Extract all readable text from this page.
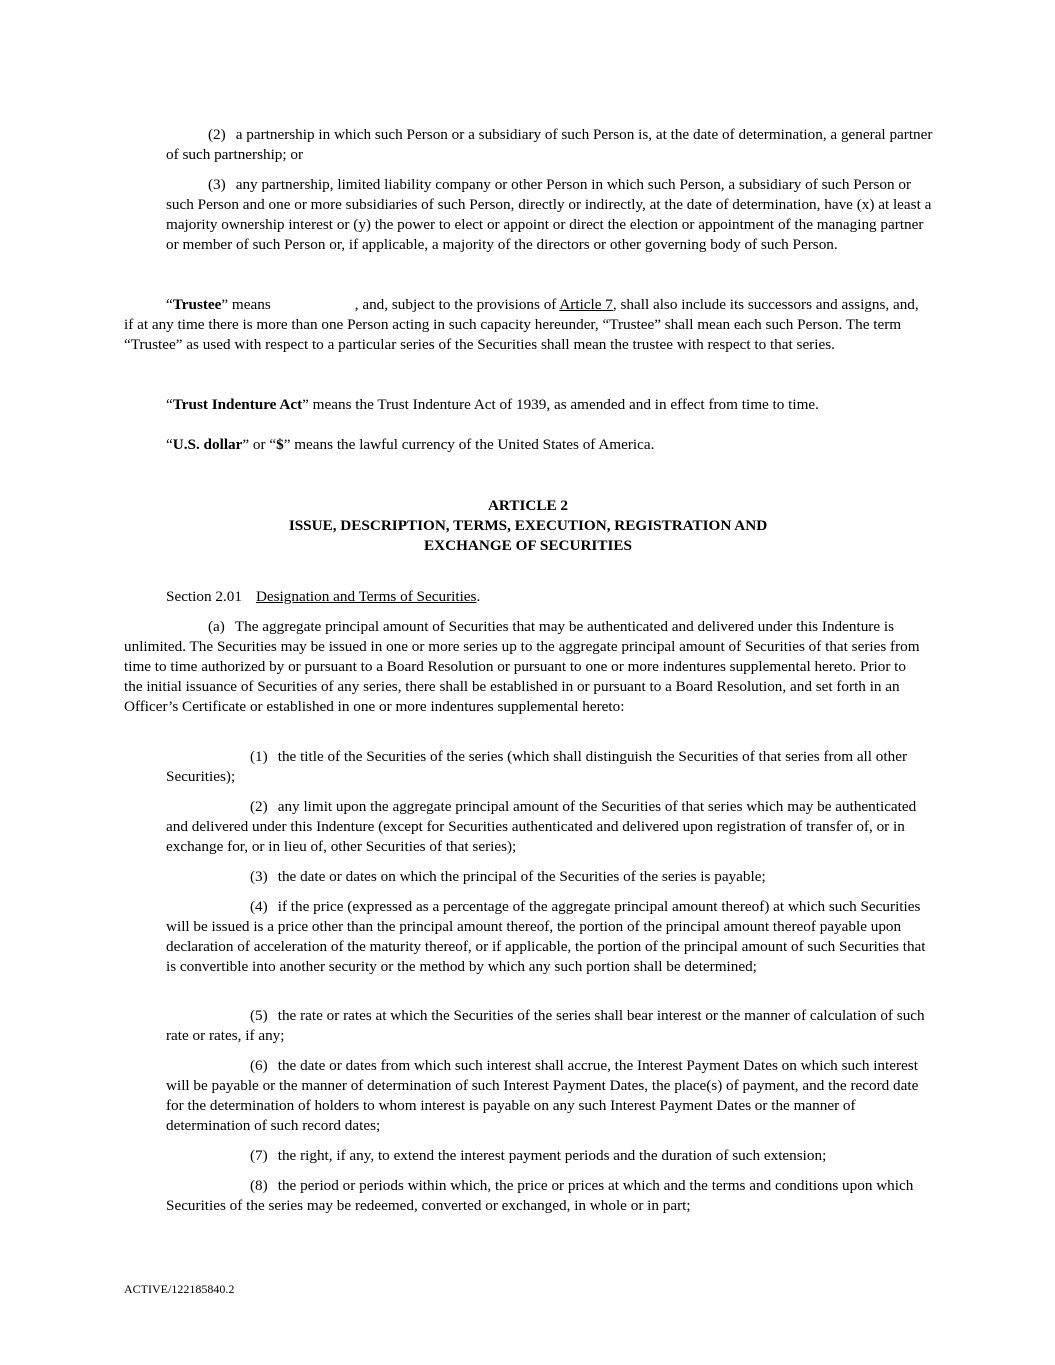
(2) a partnership in which such Person or a subsidiary of such Person is, at the date of determination, a general partner of such partnership; or

(3) any partnership, limited liability company or other Person in which such Person, a subsidiary of such Person or such Person and one or more subsidiaries of such Person, directly or indirectly, at the date of determination, have (x) at least a majority ownership interest or (y) the power to elect or appoint or direct the election or appointment of the managing partner or member of such Person or, if applicable, a majority of the directors or other governing body of such Person.

“Trustee” means	, and, subject to the provisions of Article 7, shall also include its successors and assigns, and, if at any time there is more than one Person acting in such capacity hereunder, “Trustee” shall mean each such Person. The term “Trustee” as used with respect to a particular series of the Securities shall mean the trustee with respect to that series.

“Trust Indenture Act” means the Trust Indenture Act of 1939, as amended and in effect from time to time.

“U.S. dollar” or “$” means the lawful currency of the United States of America.

ARTICLE 2
ISSUE, DESCRIPTION, TERMS, EXECUTION, REGISTRATION AND
EXCHANGE OF SECURITIES

Section 2.01 Designation and Terms of Securities.

(a) The aggregate principal amount of Securities that may be authenticated and delivered under this Indenture is unlimited. The Securities may be issued in one or more series up to the aggregate principal amount of Securities of that series from time to time authorized by or pursuant to a Board Resolution or pursuant to one or more indentures supplemental hereto. Prior to the initial issuance of Securities of any series, there shall be established in or pursuant to a Board Resolution, and set forth in an Officer’s Certificate or established in one or more indentures supplemental hereto:

(1) the title of the Securities of the series (which shall distinguish the Securities of that series from all other Securities);

(2) any limit upon the aggregate principal amount of the Securities of that series which may be authenticated and delivered under this Indenture (except for Securities authenticated and delivered upon registration of transfer of, or in exchange for, or in lieu of, other Securities of that series);

(3) the date or dates on which the principal of the Securities of the series is payable;

(4) if the price (expressed as a percentage of the aggregate principal amount thereof) at which such Securities will be issued is a price other than the principal amount thereof, the portion of the principal amount thereof payable upon declaration of acceleration of the maturity thereof, or if applicable, the portion of the principal amount of such Securities that is convertible into another security or the method by which any such portion shall be determined;

(5) the rate or rates at which the Securities of the series shall bear interest or the manner of calculation of such rate or rates, if any;

(6) the date or dates from which such interest shall accrue, the Interest Payment Dates on which such interest will be payable or the manner of determination of such Interest Payment Dates, the place(s) of payment, and the record date for the determination of holders to whom interest is payable on any such Interest Payment Dates or the manner of determination of such record dates;

(7) the right, if any, to extend the interest payment periods and the duration of such extension;

(8) the period or periods within which, the price or prices at which and the terms and conditions upon which Securities of the series may be redeemed, converted or exchanged, in whole or in part;

ACTIVE/122185840.2
